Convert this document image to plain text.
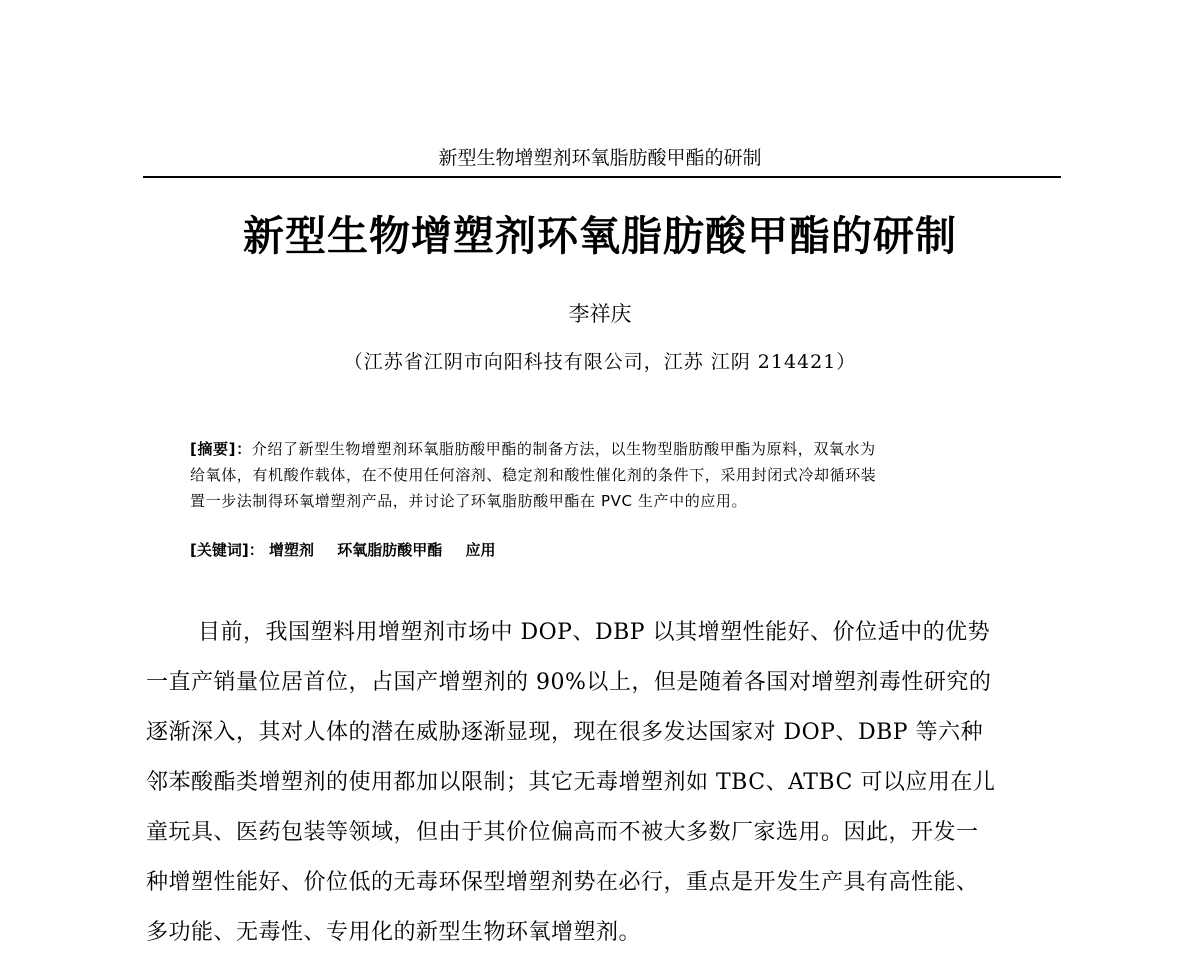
新型生物增塑剂环氧脂肪酸甲酯的研制
新型生物增塑剂环氧脂肪酸甲酯的研制
李祥庆
（江苏省江阴市向阳科技有限公司，江苏 江阴 214421）
[摘要]：介绍了新型生物增塑剂环氧脂肪酸甲酯的制备方法，以生物型脂肪酸甲酯为原料，双氧水为
给氧体，有机酸作载体，在不使用任何溶剂、稳定剂和酸性催化剂的条件下，采用封闭式冷却循环装
置一步法制得环氧增塑剂产品，并讨论了环氧脂肪酸甲酯在 PVC 生产中的应用。
[关键词]： 增塑剂 环氧脂肪酸甲酯 应用
目前，我国塑料用增塑剂市场中 DOP、DBP 以其增塑性能好、价位适中的优势
一直产销量位居首位，占国产增塑剂的 90%以上，但是随着各国对增塑剂毒性研究的
逐渐深入，其对人体的潜在威胁逐渐显现，现在很多发达国家对 DOP、DBP 等六种
邻苯酸酯类增塑剂的使用都加以限制；其它无毒增塑剂如 TBC、ATBC 可以应用在儿
童玩具、医药包装等领域，但由于其价位偏高而不被大多数厂家选用。因此，开发一
种增塑性能好、价位低的无毒环保型增塑剂势在必行，重点是开发生产具有高性能、
多功能、无毒性、专用化的新型生物环氧增塑剂。
